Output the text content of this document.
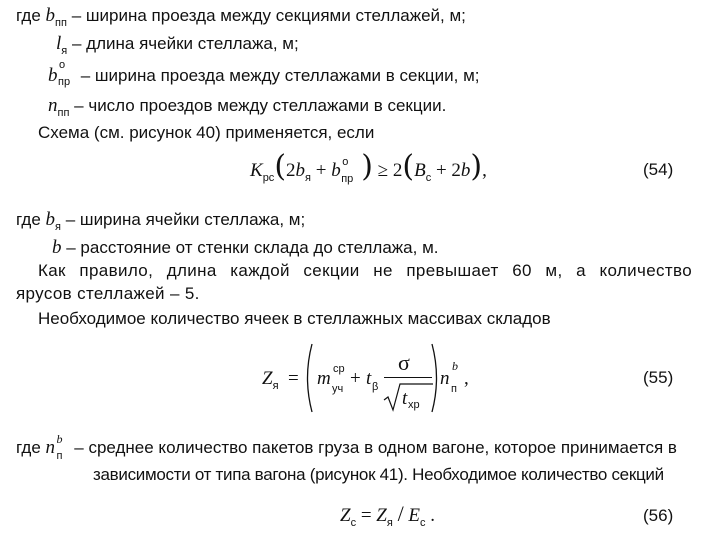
где $b_{пп}$ – ширина проезда между секциями стеллажей, м;
$l_я$ – длина ячейки стеллажа, м;
b о
пр – ширина проезда между стеллажами в секции, м;
$n_{пп}$ – число проездов между стеллажами в секции.
Схема (см. рисунок 40) применяется, если
$K_{рс}(2b_я + b$ о
пр ) ≥ $2(B_с + 2b)$,	(54)
где $b_я$ – ширина ячейки стеллажа, м;
b – расстояние от стенки склада до стеллажа, м.
Как правило, длина каждой секции не превышает 60 м, а количество
ярусов стеллажей – 5.
Необходимое количество ячеек в стеллажных массивах складов
$Z_я = m$ ср
уч + t β
σ
t хр
n
b
п ,	(55)
где n b
п – среднее количество пакетов груза в одном вагоне, которое принимается в
зависимости от типа вагона (рисунок 41). Необходимое количество секций
$Z_с = Z_я / E_с$ .	(56)
